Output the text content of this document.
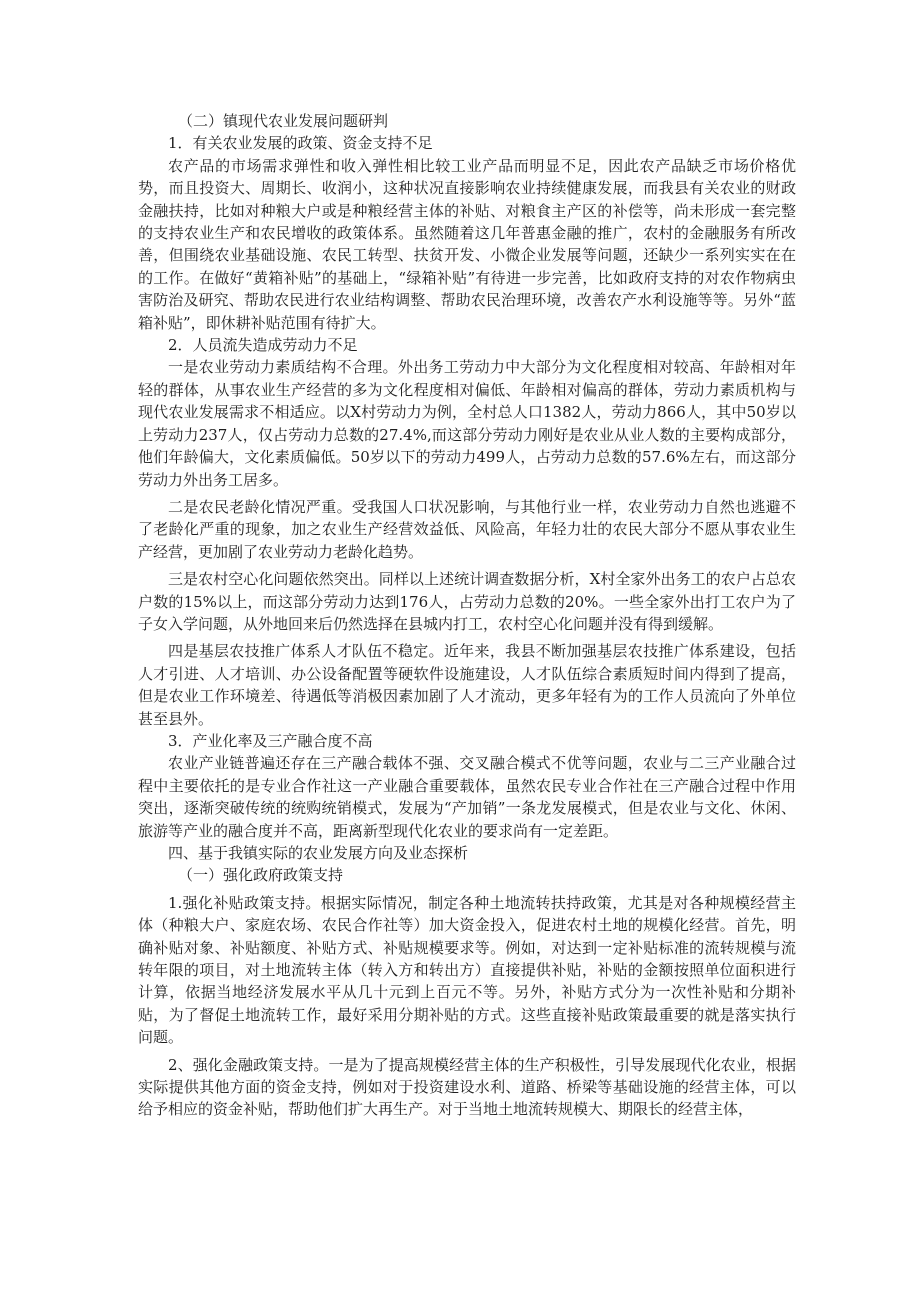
（二）镇现代农业发展问题研判

1．有关农业发展的政策、资金支持不足

农产品的市场需求弹性和收入弹性相比较工业产品而明显不足，因此农产品缺乏市场价格优势，而且投资大、周期长、收润小，这种状况直接影响农业持续健康发展，而我县有关农业的财政金融扶持，比如对种粮大户或是种粮经营主体的补贴、对粮食主产区的补偿等，尚未形成一套完整的支持农业生产和农民增收的政策体系。虽然随着这几年普惠金融的推广，农村的金融服务有所改善，但围绕农业基础设施、农民工转型、扶贫开发、小微企业发展等问题，还缺少一系列实实在在的工作。在做好“黄箱补贴”的基础上，“绿箱补贴”有待进一步完善，比如政府支持的对农作物病虫害防治及研究、帮助农民进行农业结构调整、帮助农民治理环境，改善农产水利设施等等。另外“蓝箱补贴”，即休耕补贴范围有待扩大。

2．人员流失造成劳动力不足

一是农业劳动力素质结构不合理。外出务工劳动力中大部分为文化程度相对较高、年龄相对年轻的群体，从事农业生产经营的多为文化程度相对偏低、年龄相对偏高的群体，劳动力素质机构与现代农业发展需求不相适应。以X村劳动力为例，全村总人口1382人，劳动力866人，其中50岁以上劳动力237人，仅占劳动力总数的27.4%,而这部分劳动力刚好是农业从业人数的主要构成部分，他们年龄偏大，文化素质偏低。50岁以下的劳动力499人，占劳动力总数的57.6%左右，而这部分劳动力外出务工居多。

二是农民老龄化情况严重。受我国人口状况影响，与其他行业一样，农业劳动力自然也逃避不了老龄化严重的现象，加之农业生产经营效益低、风险高，年轻力壮的农民大部分不愿从事农业生产经营，更加剧了农业劳动力老龄化趋势。

三是农村空心化问题依然突出。同样以上述统计调查数据分析，X村全家外出务工的农户占总农户数的15%以上，而这部分劳动力达到176人，占劳动力总数的20%。一些全家外出打工农户为了子女入学问题，从外地回来后仍然选择在县城内打工，农村空心化问题并没有得到缓解。

四是基层农技推广体系人才队伍不稳定。近年来，我县不断加强基层农技推广体系建设，包括人才引进、人才培训、办公设备配置等硬软件设施建设，人才队伍综合素质短时间内得到了提高，但是农业工作环境差、待遇低等消极因素加剧了人才流动，更多年轻有为的工作人员流向了外单位甚至县外。

3．产业化率及三产融合度不高

农业产业链普遍还存在三产融合载体不强、交叉融合模式不优等问题，农业与二三产业融合过程中主要依托的是专业合作社这一产业融合重要载体，虽然农民专业合作社在三产融合过程中作用突出，逐渐突破传统的统购统销模式，发展为“产加销”一条龙发展模式，但是农业与文化、休闲、旅游等产业的融合度并不高，距离新型现代化农业的要求尚有一定差距。

四、基于我镇实际的农业发展方向及业态探析

（一）强化政府政策支持

1.强化补贴政策支持。根据实际情况，制定各种土地流转扶持政策，尤其是对各种规模经营主体（种粮大户、家庭农场、农民合作社等）加大资金投入，促进农村土地的规模化经营。首先，明确补贴对象、补贴额度、补贴方式、补贴规模要求等。例如，对达到一定补贴标准的流转规模与流转年限的项目，对土地流转主体（转入方和转出方）直接提供补贴，补贴的金额按照单位面积进行计算，依据当地经济发展水平从几十元到上百元不等。另外，补贴方式分为一次性补贴和分期补贴，为了督促土地流转工作，最好采用分期补贴的方式。这些直接补贴政策最重要的就是落实执行问题。

2、强化金融政策支持。一是为了提高规模经营主体的生产积极性，引导发展现代化农业，根据实际提供其他方面的资金支持，例如对于投资建设水利、道路、桥梁等基础设施的经营主体，可以给予相应的资金补贴，帮助他们扩大再生产。对于当地土地流转规模大、期限长的经营主体，
